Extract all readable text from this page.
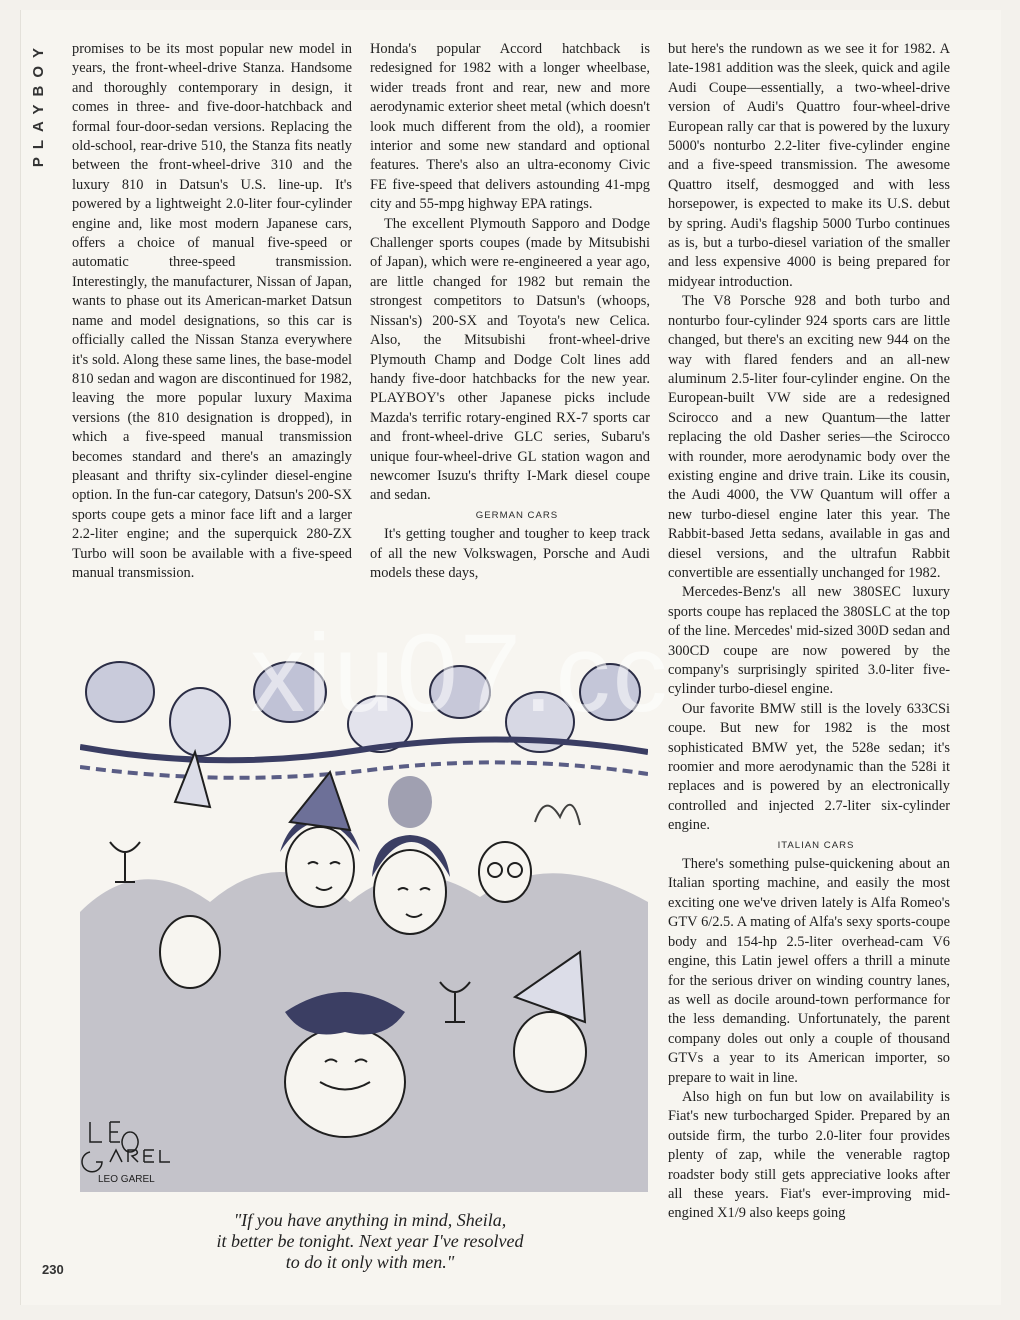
PLAYBOY	promises to be its most popular new model in years, the front-wheel-drive Stanza. Handsome and thoroughly contemporary in design, it comes in three- and five-door-hatchback and formal four-door-sedan versions. Replacing the old-school, rear-drive 510, the Stanza fits neatly between the front-wheel-drive 310 and the luxury 810 in Datsun's U.S. line-up. It's powered by a lightweight 2.0-liter four-cylinder engine and, like most modern Japanese cars, offers a choice of manual five-speed or automatic three-speed transmission. Interestingly, the manufacturer, Nissan of Japan, wants to phase out its American-market Datsun name and model designations, so this car is officially called the Nissan Stanza everywhere it's sold. Along these same lines, the base-model 810 sedan and wagon are discontinued for 1982, leaving the more popular luxury Maxima versions (the 810 designation is dropped), in which a five-speed manual transmission becomes standard and there's an amazingly pleasant and thrifty six-cylinder diesel-engine option. In the fun-car category, Datsun's 200-SX sports coupe gets a minor face lift and a larger 2.2-liter engine; and the superquick 280-ZX Turbo will soon be available with a five-speed manual transmission.

Honda's popular Accord hatchback is redesigned for 1982 with a longer wheelbase, wider treads front and rear, new and more aerodynamic exterior sheet metal (which doesn't look much different from the old), a roomier interior and some new standard and optional features. There's also an ultra-economy Civic FE five-speed that delivers astounding 41-mpg city and 55-mpg highway EPA ratings.

The excellent Plymouth Sapporo and Dodge Challenger sports coupes (made by Mitsubishi of Japan), which were re-engineered a year ago, are little changed for 1982 but remain the strongest competitors to Datsun's (whoops, Nissan's) 200-SX and Toyota's new Celica. Also, the Mitsubishi front-wheel-drive Plymouth Champ and Dodge Colt lines add handy five-door hatchbacks for the new year. PLAYBOY's other Japanese picks include Mazda's terrific rotary-engined RX-7 sports car and front-wheel-drive GLC series, Subaru's unique four-wheel-drive GL station wagon and newcomer Isuzu's thrifty I-Mark diesel coupe and sedan.

GERMAN CARS

It's getting tougher and tougher to keep track of all the new Volkswagen, Porsche and Audi models these days,

but here's the rundown as we see it for 1982. A late-1981 addition was the sleek, quick and agile Audi Coupe—essentially, a two-wheel-drive version of Audi's Quattro four-wheel-drive European rally car that is powered by the luxury 5000's nonturbo 2.2-liter five-cylinder engine and a five-speed transmission. The awesome Quattro itself, desmogged and with less horsepower, is expected to make its U.S. debut by spring. Audi's flagship 5000 Turbo continues as is, but a turbo-diesel variation of the smaller and less expensive 4000 is being prepared for midyear introduction.

The V8 Porsche 928 and both turbo and nonturbo four-cylinder 924 sports cars are little changed, but there's an exciting new 944 on the way with flared fenders and an all-new aluminum 2.5-liter four-cylinder engine. On the European-built VW side are a redesigned Scirocco and a new Quantum—the latter replacing the old Dasher series—the Scirocco with rounder, more aerodynamic body over the existing engine and drive train. Like its cousin, the Audi 4000, the VW Quantum will offer a new turbo-diesel engine later this year. The Rabbit-based Jetta sedans, available in gas and diesel versions, and the ultrafun Rabbit convertible are essentially unchanged for 1982.

Mercedes-Benz's all new 380SEC luxury sports coupe has replaced the 380SLC at the top of the line. Mercedes' mid-sized 300D sedan and 300CD coupe are now powered by the company's surprisingly spirited 3.0-liter five-cylinder turbo-diesel engine.

Our favorite BMW still is the lovely 633CSi coupe. But new for 1982 is the most sophisticated BMW yet, the 528e sedan; it's roomier and more aerodynamic than the 528i it replaces and is powered by an electronically controlled and injected 2.7-liter six-cylinder engine.

ITALIAN CARS

There's something pulse-quickening about an Italian sporting machine, and easily the most exciting one we've driven lately is Alfa Romeo's GTV 6/2.5. A mating of Alfa's sexy sports-coupe body and 154-hp 2.5-liter overhead-cam V6 engine, this Latin jewel offers a thrill a minute for the serious driver on winding country lanes, as well as docile around-town performance for the less demanding. Unfortunately, the parent company doles out only a couple of thousand GTVs a year to its American importer, so prepare to wait in line.

Also high on fun but low on availability is Fiat's new turbocharged Spider. Prepared by an outside firm, the turbo 2.0-liter four provides plenty of zap, while the venerable ragtop roadster body still gets appreciative looks after all these years. Fiat's ever-improving mid-engined X1/9 also keeps going

LEO GAREL
"If you have anything in mind, Sheila,
it better be tonight. Next year I've resolved
to do it only with men."
230
xiu07.cc
